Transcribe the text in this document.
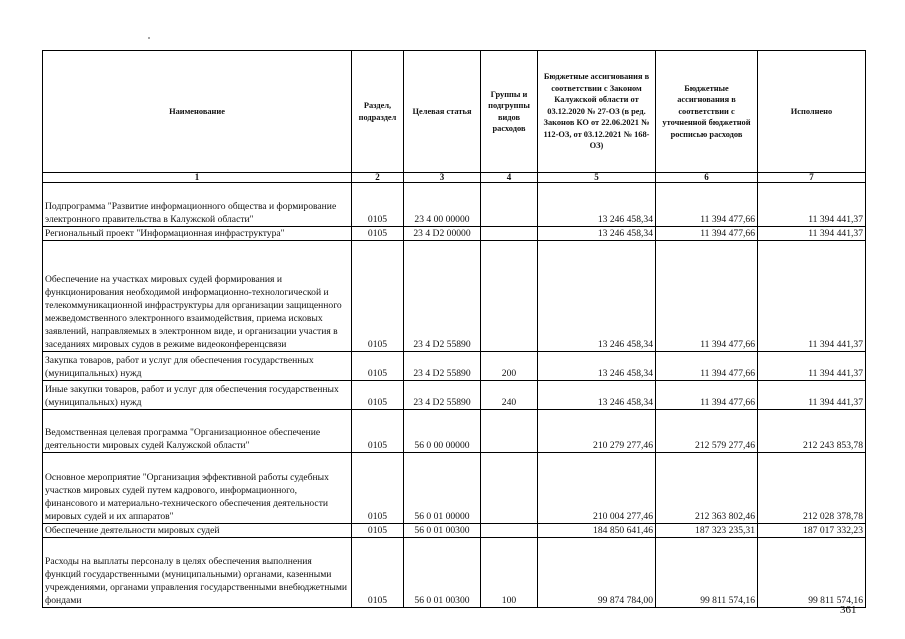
Наименование	Раздел, подраздел	Целевая статья	Группы и подгруппы видов расходов	Бюджетные ассигнования в соответствии с Законом Калужской области от 03.12.2020 № 27-ОЗ (в ред. Законов КО от 22.06.2021 № 112-ОЗ, от 03.12.2021 № 168-ОЗ)	Бюджетные ассигнования в соответствии с уточненной бюджетной росписью расходов	Исполнено
1	2	3	4	5	6	7
Подпрограмма "Развитие информационного общества и формирование электронного правительства в Калужской области"	0105	23 4 00 00000		13 246 458,34	11 394 477,66	11 394 441,37
Региональный проект "Информационная инфраструктура"	0105	23 4 D2 00000		13 246 458,34	11 394 477,66	11 394 441,37
Обеспечение на участках мировых судей формирования и функционирования необходимой информационно-технологической и телекоммуникационной инфраструктуры для организации защищенного межведомственного электронного взаимодействия, приема исковых заявлений, направляемых в электронном виде, и организации участия в заседаниях мировых судов в режиме видеоконференцсвязи	0105	23 4 D2 55890		13 246 458,34	11 394 477,66	11 394 441,37
Закупка товаров, работ и услуг для обеспечения государственных (муниципальных) нужд	0105	23 4 D2 55890	200	13 246 458,34	11 394 477,66	11 394 441,37
Иные закупки товаров, работ и услуг для обеспечения государственных (муниципальных) нужд	0105	23 4 D2 55890	240	13 246 458,34	11 394 477,66	11 394 441,37
Ведомственная целевая программа "Организационное обеспечение деятельности мировых судей Калужской области"	0105	56 0 00 00000		210 279 277,46	212 579 277,46	212 243 853,78
Основное мероприятие "Организация эффективной работы судебных участков мировых судей путем кадрового, информационного, финансового и материально-технического обеспечения деятельности мировых судей и их аппаратов"	0105	56 0 01 00000		210 004 277,46	212 363 802,46	212 028 378,78
Обеспечение деятельности мировых судей	0105	56 0 01 00300		184 850 641,46	187 323 235,31	187 017 332,23
Расходы на выплаты персоналу в целях обеспечения выполнения функций государственными (муниципальными) органами, казенными учреждениями, органами управления государственными внебюджетными фондами	0105	56 0 01 00300	100	99 874 784,00	99 811 574,16	99 811 574,16
361
